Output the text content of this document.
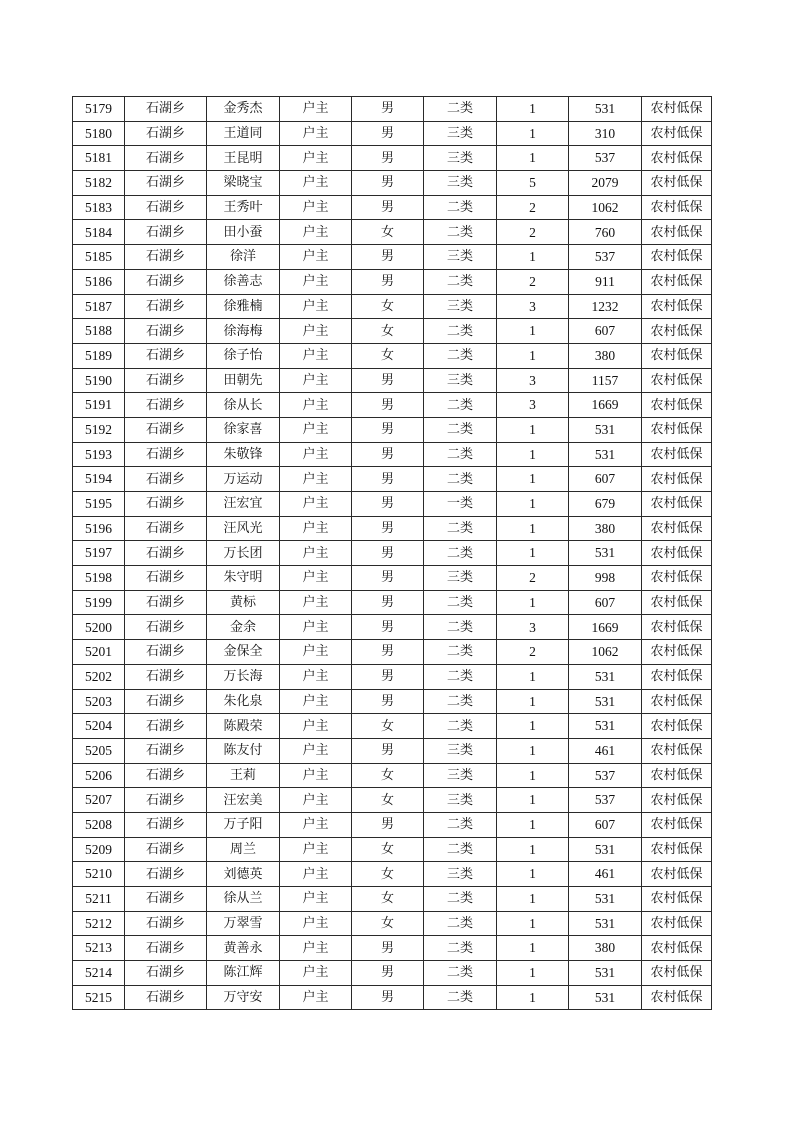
5179	石湖乡	金秀杰	户主	男	二类	1	531	农村低保
5180	石湖乡	王道同	户主	男	三类	1	310	农村低保
5181	石湖乡	王昆明	户主	男	三类	1	537	农村低保
5182	石湖乡	梁晓宝	户主	男	三类	5	2079	农村低保
5183	石湖乡	王秀叶	户主	男	二类	2	1062	农村低保
5184	石湖乡	田小蚕	户主	女	二类	2	760	农村低保
5185	石湖乡	徐洋	户主	男	三类	1	537	农村低保
5186	石湖乡	徐善志	户主	男	二类	2	911	农村低保
5187	石湖乡	徐雅楠	户主	女	三类	3	1232	农村低保
5188	石湖乡	徐海梅	户主	女	二类	1	607	农村低保
5189	石湖乡	徐子怡	户主	女	二类	1	380	农村低保
5190	石湖乡	田朝先	户主	男	三类	3	1157	农村低保
5191	石湖乡	徐从长	户主	男	二类	3	1669	农村低保
5192	石湖乡	徐家喜	户主	男	二类	1	531	农村低保
5193	石湖乡	朱敬锋	户主	男	二类	1	531	农村低保
5194	石湖乡	万运动	户主	男	二类	1	607	农村低保
5195	石湖乡	汪宏宜	户主	男	一类	1	679	农村低保
5196	石湖乡	汪风光	户主	男	二类	1	380	农村低保
5197	石湖乡	万长团	户主	男	二类	1	531	农村低保
5198	石湖乡	朱守明	户主	男	三类	2	998	农村低保
5199	石湖乡	黄标	户主	男	二类	1	607	农村低保
5200	石湖乡	金余	户主	男	二类	3	1669	农村低保
5201	石湖乡	金保全	户主	男	二类	2	1062	农村低保
5202	石湖乡	万长海	户主	男	二类	1	531	农村低保
5203	石湖乡	朱化泉	户主	男	二类	1	531	农村低保
5204	石湖乡	陈殿荣	户主	女	二类	1	531	农村低保
5205	石湖乡	陈友付	户主	男	三类	1	461	农村低保
5206	石湖乡	王莉	户主	女	三类	1	537	农村低保
5207	石湖乡	汪宏美	户主	女	三类	1	537	农村低保
5208	石湖乡	万子阳	户主	男	二类	1	607	农村低保
5209	石湖乡	周兰	户主	女	二类	1	531	农村低保
5210	石湖乡	刘德英	户主	女	三类	1	461	农村低保
5211	石湖乡	徐从兰	户主	女	二类	1	531	农村低保
5212	石湖乡	万翠雪	户主	女	二类	1	531	农村低保
5213	石湖乡	黄善永	户主	男	二类	1	380	农村低保
5214	石湖乡	陈江辉	户主	男	二类	1	531	农村低保
5215	石湖乡	万守安	户主	男	二类	1	531	农村低保
